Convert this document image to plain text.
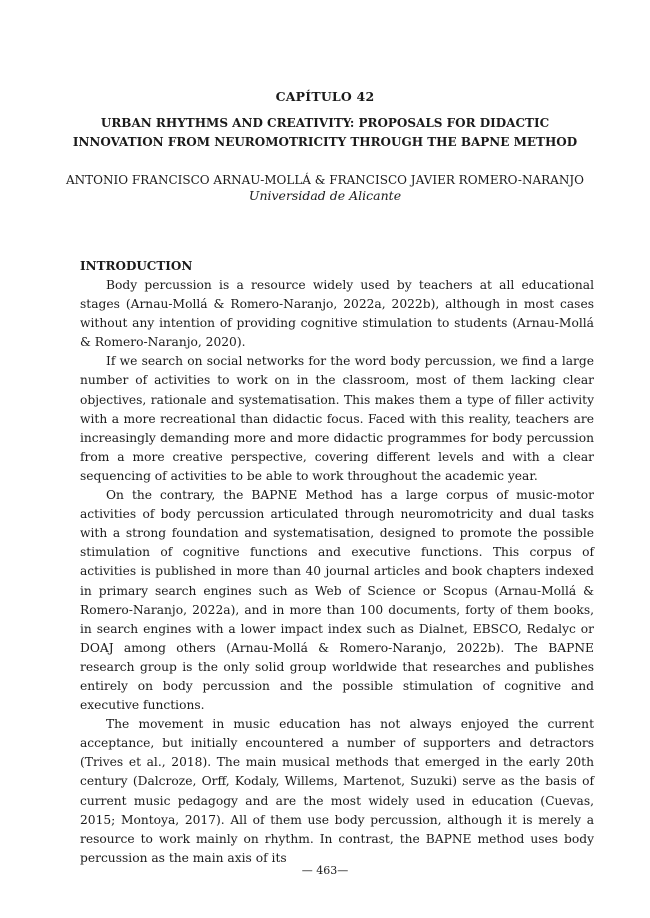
CAPÍTULO 42
URBAN RHYTHMS AND CREATIVITY: PROPOSALS FOR DIDACTIC INNOVATION FROM NEUROMOTRICITY THROUGH THE BAPNE METHOD
ANTONIO FRANCISCO ARNAU-MOLLÁ & FRANCISCO JAVIER ROMERO-NARANJO
Universidad de Alicante
INTRODUCTION

Body percussion is a resource widely used by teachers at all educational stages (Arnau-Mollá & Romero-Naranjo, 2022a, 2022b), although in most cases without any intention of providing cognitive stimulation to students (Arnau-Mollá & Romero-Naranjo, 2020).

If we search on social networks for the word body percussion, we find a large number of activities to work on in the classroom, most of them lacking clear objectives, rationale and systematisation. This makes them a type of filler activity with a more recreational than didactic focus. Faced with this reality, teachers are increasingly demanding more and more didactic programmes for body percussion from a more creative perspective, covering different levels and with a clear sequencing of activities to be able to work throughout the academic year.

On the contrary, the BAPNE Method has a large corpus of music-motor activities of body percussion articulated through neuromotricity and dual tasks with a strong foundation and systematisation, designed to promote the possible stimulation of cognitive functions and executive functions. This corpus of activities is published in more than 40 journal articles and book chapters indexed in primary search engines such as Web of Science or Scopus (Arnau-Mollá & Romero-Naranjo, 2022a), and in more than 100 documents, forty of them books, in search engines with a lower impact index such as Dialnet, EBSCO, Redalyc or DOAJ among others (Arnau-Mollá & Romero-Naranjo, 2022b). The BAPNE research group is the only solid group worldwide that researches and publishes entirely on body percussion and the possible stimulation of cognitive and executive functions.

The movement in music education has not always enjoyed the current acceptance, but initially encountered a number of supporters and detractors (Trives et al., 2018). The main musical methods that emerged in the early 20th century (Dalcroze, Orff, Kodaly, Willems, Martenot, Suzuki) serve as the basis of current music pedagogy and are the most widely used in education (Cuevas, 2015; Montoya, 2017). All of them use body percussion, although it is merely a resource to work mainly on rhythm. In contrast, the BAPNE method uses body percussion as the main axis of its

— 463—
